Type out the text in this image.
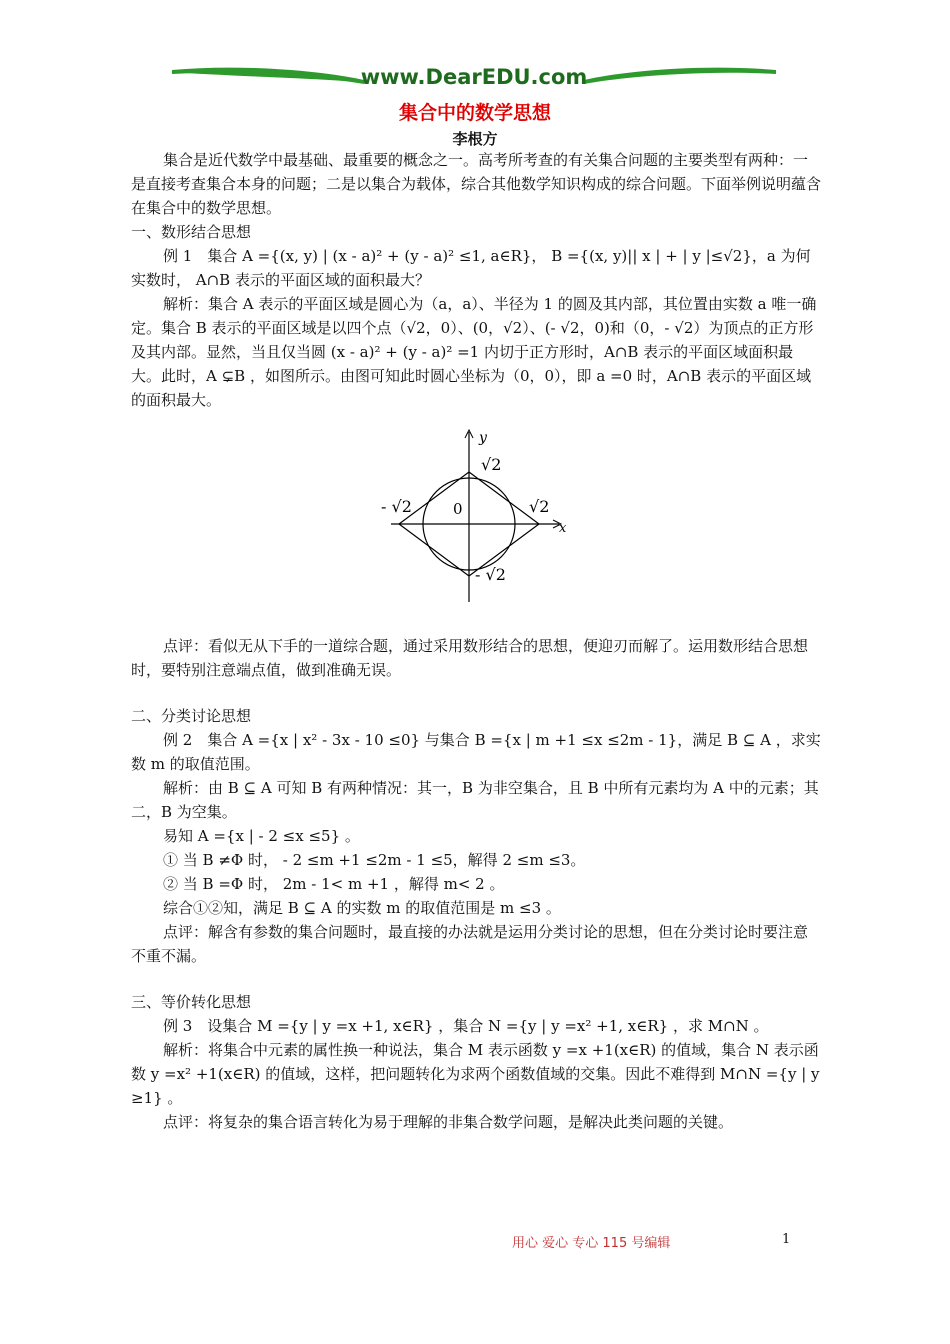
www.DearEDU.com
集合中的数学思想
李根方

集合是近代数学中最基础、最重要的概念之一。高考所考查的有关集合问题的主要类型有两种：一是直接考查集合本身的问题；二是以集合为载体，综合其他数学知识构成的综合问题。下面举例说明蕴含在集合中的数学思想。

一、数形结合思想

例 1　集合 A ={(x, y) | (x - a)² + (y - a)² ≤1, a∈R}， B ={(x, y)|| x | + | y |≤√2}，a 为何实数时， A∩B 表示的平面区域的面积最大？

解析：集合 A 表示的平面区域是圆心为（a，a）、半径为 1 的圆及其内部，其位置由实数 a 唯一确定。集合 B 表示的平面区域是以四个点（√2，0）、(0，√2）、(- √2，0)和（0，- √2）为顶点的正方形及其内部。显然，当且仅当圆 (x - a)² + (y - a)² =1 内切于正方形时，A∩B 表示的平面区域面积最大。此时，A ⊊B ，如图所示。由图可知此时圆心坐标为（0，0），即 a =0 时，A∩B 表示的平面区域的面积最大。

y
x
√2
√2
- √2
- √2
0

点评：看似无从下手的一道综合题，通过采用数形结合的思想，便迎刃而解了。运用数形结合思想时，要特别注意端点值，做到准确无误。

二、分类讨论思想

例 2　集合 A ={x | x² - 3x - 10 ≤0} 与集合 B ={x | m +1 ≤x ≤2m - 1}，满足 B ⊆ A ，求实数 m 的取值范围。

解析：由 B ⊆ A 可知 B 有两种情况：其一，B 为非空集合，且 B 中所有元素均为 A 中的元素；其二，B 为空集。

易知 A ={x | - 2 ≤x ≤5} 。

① 当 B ≠Φ 时， - 2 ≤m +1 ≤2m - 1 ≤5，解得 2 ≤m ≤3。

② 当 B =Φ 时， 2m - 1< m +1 ，解得 m< 2 。

综合①②知，满足 B ⊆ A 的实数 m 的取值范围是 m ≤3 。

点评：解含有参数的集合问题时，最直接的办法就是运用分类讨论的思想，但在分类讨论时要注意不重不漏。

三、等价转化思想

例 3　设集合 M ={y | y =x +1, x∈R} ，集合 N ={y | y =x² +1, x∈R} ，求 M∩N 。

解析：将集合中元素的属性换一种说法，集合 M 表示函数 y =x +1(x∈R) 的值域，集合 N 表示函数 y =x² +1(x∈R) 的值域，这样，把问题转化为求两个函数值域的交集。因此不难得到 M∩N ={y | y ≥1} 。

点评：将复杂的集合语言转化为易于理解的非集合数学问题，是解决此类问题的关键。

用心 爱心 专心 115 号编辑	1
